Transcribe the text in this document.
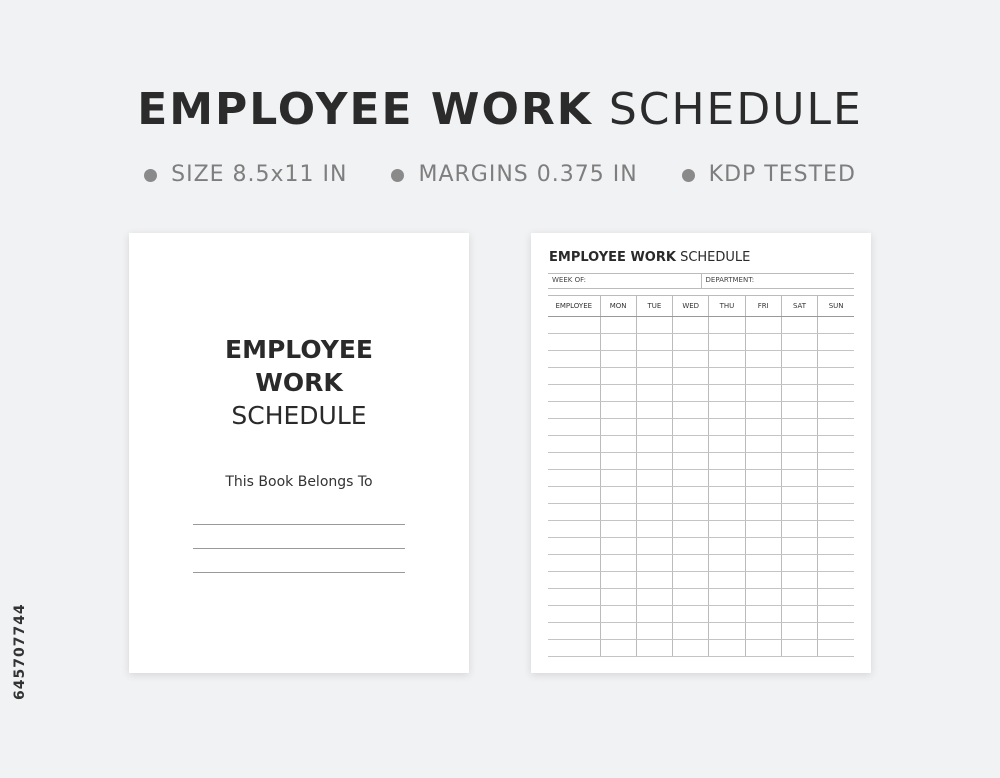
EMPLOYEE WORK SCHEDULE
SIZE 8.5x11 IN	MARGINS 0.375 IN	KDP TESTED
EMPLOYEE
WORK
SCHEDULE
This Book Belongs To
EMPLOYEE WORK SCHEDULE
WEEK OF:	DEPARTMENT:
EMPLOYEE	MON	TUE	WED	THU	FRI	SAT	SUN

645707744
